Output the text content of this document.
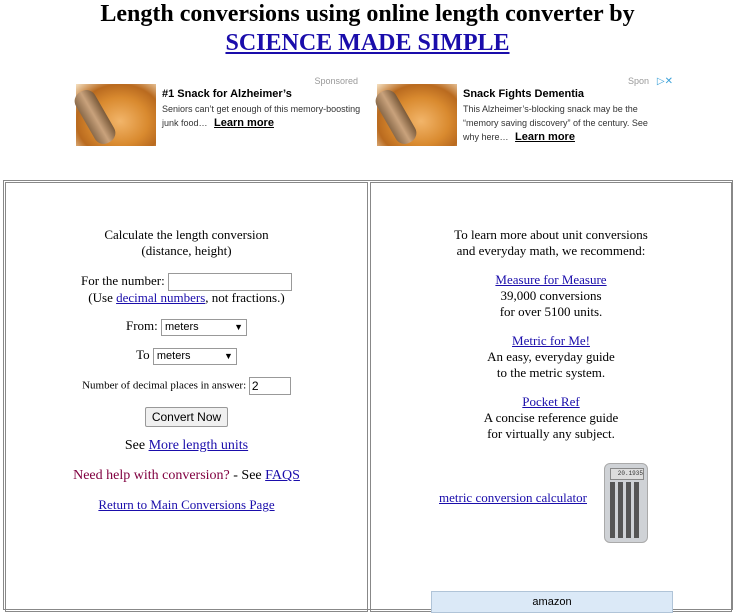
Length conversions using online length converter by
SCIENCE MADE SIMPLE
Sponsored
#1 Snack for Alzheimer’s
Seniors can’t get enough of this memory-boosting junk food… Learn more
Spon ▷✕
Snack Fights Dementia
This Alzheimer’s-blocking snack may be the “memory saving discovery” of the century. See why here… Learn more
Calculate the length conversion
(distance, height)
For the number:
(Use decimal numbers, not fractions.)
From: meters	▼
To meters	▼
Number of decimal places in answer: 2
Convert Now
See More length units
Need help with conversion? - See FAQS
Return to Main Conversions Page
To learn more about unit conversions
and everyday math, we recommend:
Measure for Measure
39,000 conversions
for over 5100 units.
Metric for Me!
An easy, everyday guide
to the metric system.
Pocket Ref
A concise reference guide
for virtually any subject.
metric conversion calculator
20.1935
amazon
